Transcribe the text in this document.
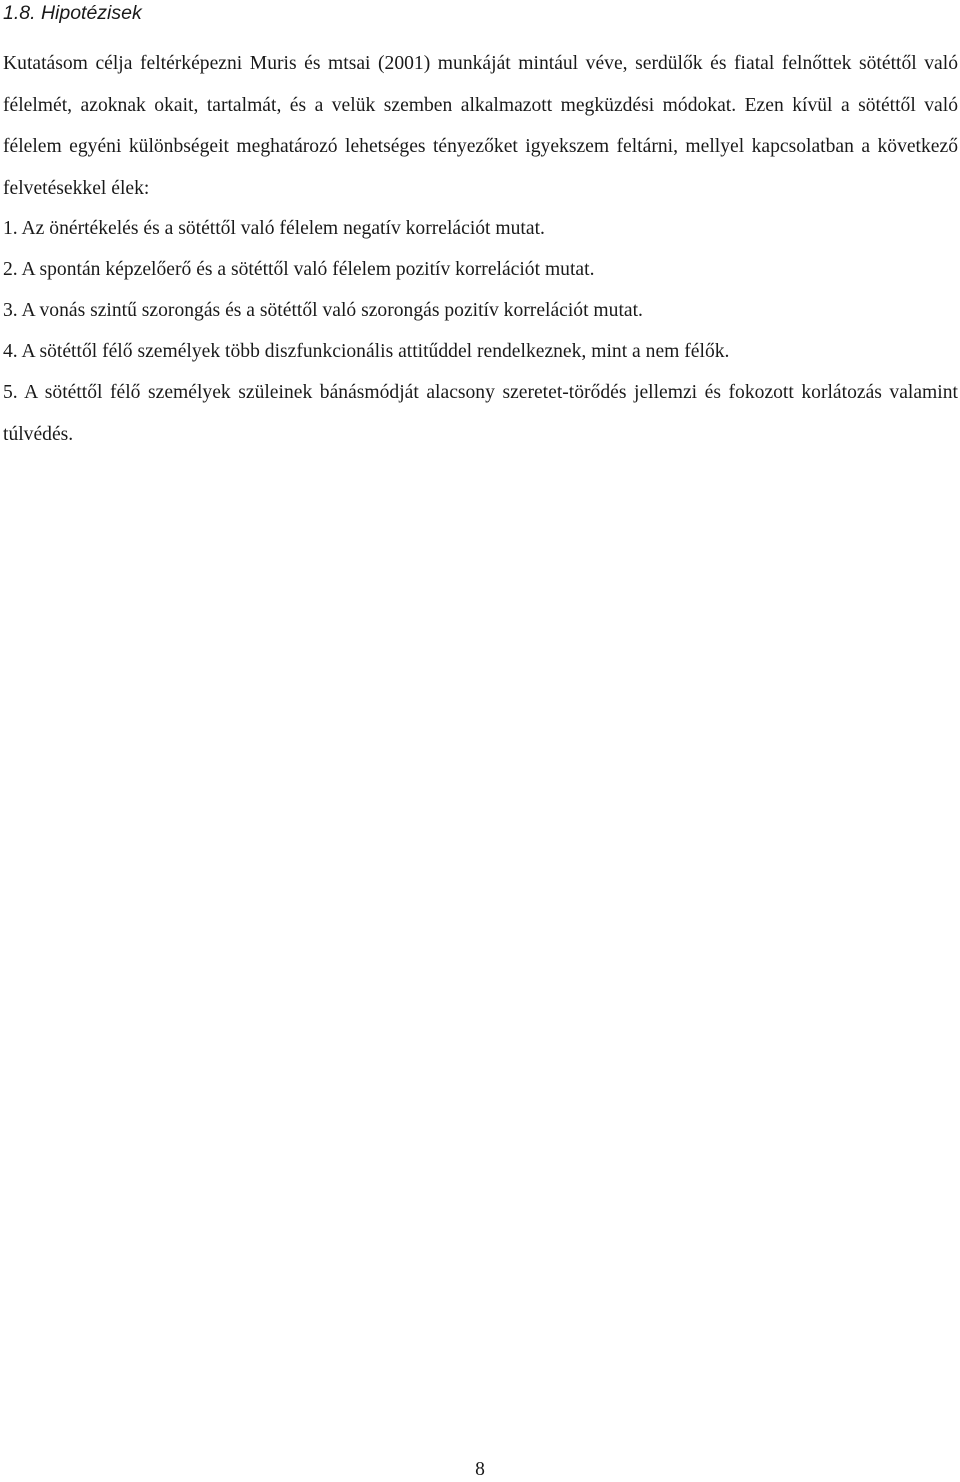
1.8. Hipotézisek

Kutatásom célja feltérképezni Muris és mtsai (2001) munkáját mintául véve, serdülők és fiatal felnőttek sötéttől való félelmét, azoknak okait, tartalmát, és a velük szemben alkalmazott megküzdési módokat. Ezen kívül a sötéttől való félelem egyéni különbségeit meghatározó lehetséges tényezőket igyekszem feltárni, mellyel kapcsolatban a következő felvetésekkel élek:

1. Az önértékelés és a sötéttől való félelem negatív korrelációt mutat.

2. A spontán képzelőerő és a sötéttől való félelem pozitív korrelációt mutat.

3. A vonás szintű szorongás és a sötéttől való szorongás pozitív korrelációt mutat.

4. A sötéttől félő személyek több diszfunkcionális attitűddel rendelkeznek, mint a nem félők.

5. A sötéttől félő személyek szüleinek bánásmódját alacsony szeretet-törődés jellemzi és fokozott korlátozás valamint túlvédés.

8
